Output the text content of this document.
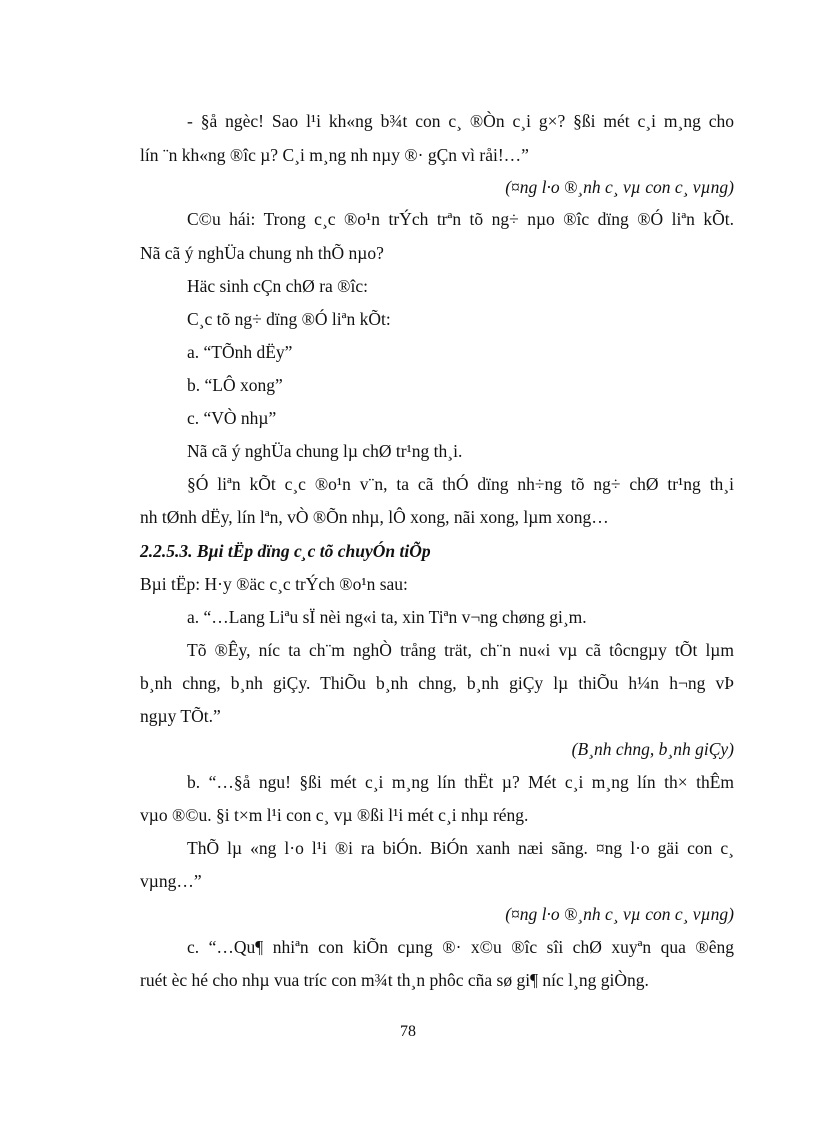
- §å ngèc! Sao l¹i kh«ng b¾t con c¸ ®Òn c¸i g×? §ßi mét c¸i m¸ng cho
lín ¨n kh«ng ®îc µ? C¸i m¸ng nh nµy ®· gÇn vì råi!…”
(¤ng l·o ®¸nh c¸ vµ con c¸ vµng)
C©u hái: Trong c¸c ®o¹n trÝch trªn tõ ng÷ nµo ®îc dïng ®Ó liªn kÕt.
Nã cã ý nghÜa chung nh thÕ nµo?
Häc sinh cÇn chØ ra ®îc:
C¸c tõ ng÷ dïng ®Ó liªn kÕt:
a. “TÕnh dËy”
b. “LÔ xong”
c. “VÒ nhµ”
Nã cã ý nghÜa chung lµ chØ tr¹ng th¸i.
§Ó liªn kÕt c¸c ®o¹n v¨n, ta cã thÓ dïng nh÷ng tõ ng÷ chØ tr¹ng th¸i
nh tØnh dËy, lín lªn, vÒ ®Õn nhµ, lÔ xong, nãi xong, lµm xong…
2.2.5.3. Bµi tËp dïng c¸c tõ chuyÓn tiÕp
Bµi tËp: H·y ®äc c¸c trÝch ®o¹n sau:
a. “…Lang Liªu sÏ nèi ng«i ta, xin Tiªn v¬ng chøng gi¸m.
Tõ ®Êy, níc ta ch¨m nghÒ trång trät, ch¨n nu«i vµ cã tôcngµy tÕt lµm
b¸nh chng, b¸nh giÇy. ThiÕu b¸nh chng, b¸nh giÇy lµ thiÕu h¼n h¬ng vÞ
ngµy TÕt.”
(B¸nh chng, b¸nh giÇy)
b. “…§å ngu! §ßi mét c¸i m¸ng lín thËt µ? Mét c¸i m¸ng lín th× thÊm
vµo ®©u. §i t×m l¹i con c¸ vµ ®ßi l¹i mét c¸i nhµ réng.
ThÕ lµ «ng l·o l¹i ®i ra biÓn. BiÓn xanh næi sãng. ¤ng l·o gäi con c¸
vµng…”
(¤ng l·o ®¸nh c¸ vµ con c¸ vµng)
c. “…Qu¶ nhiªn con kiÕn cµng ®· x©u ®îc sîi chØ xuyªn qua ®êng
ruét èc hé cho nhµ vua tríc con m¾t th¸n phôc cña sø gi¶ níc l¸ng giÒng.
78
